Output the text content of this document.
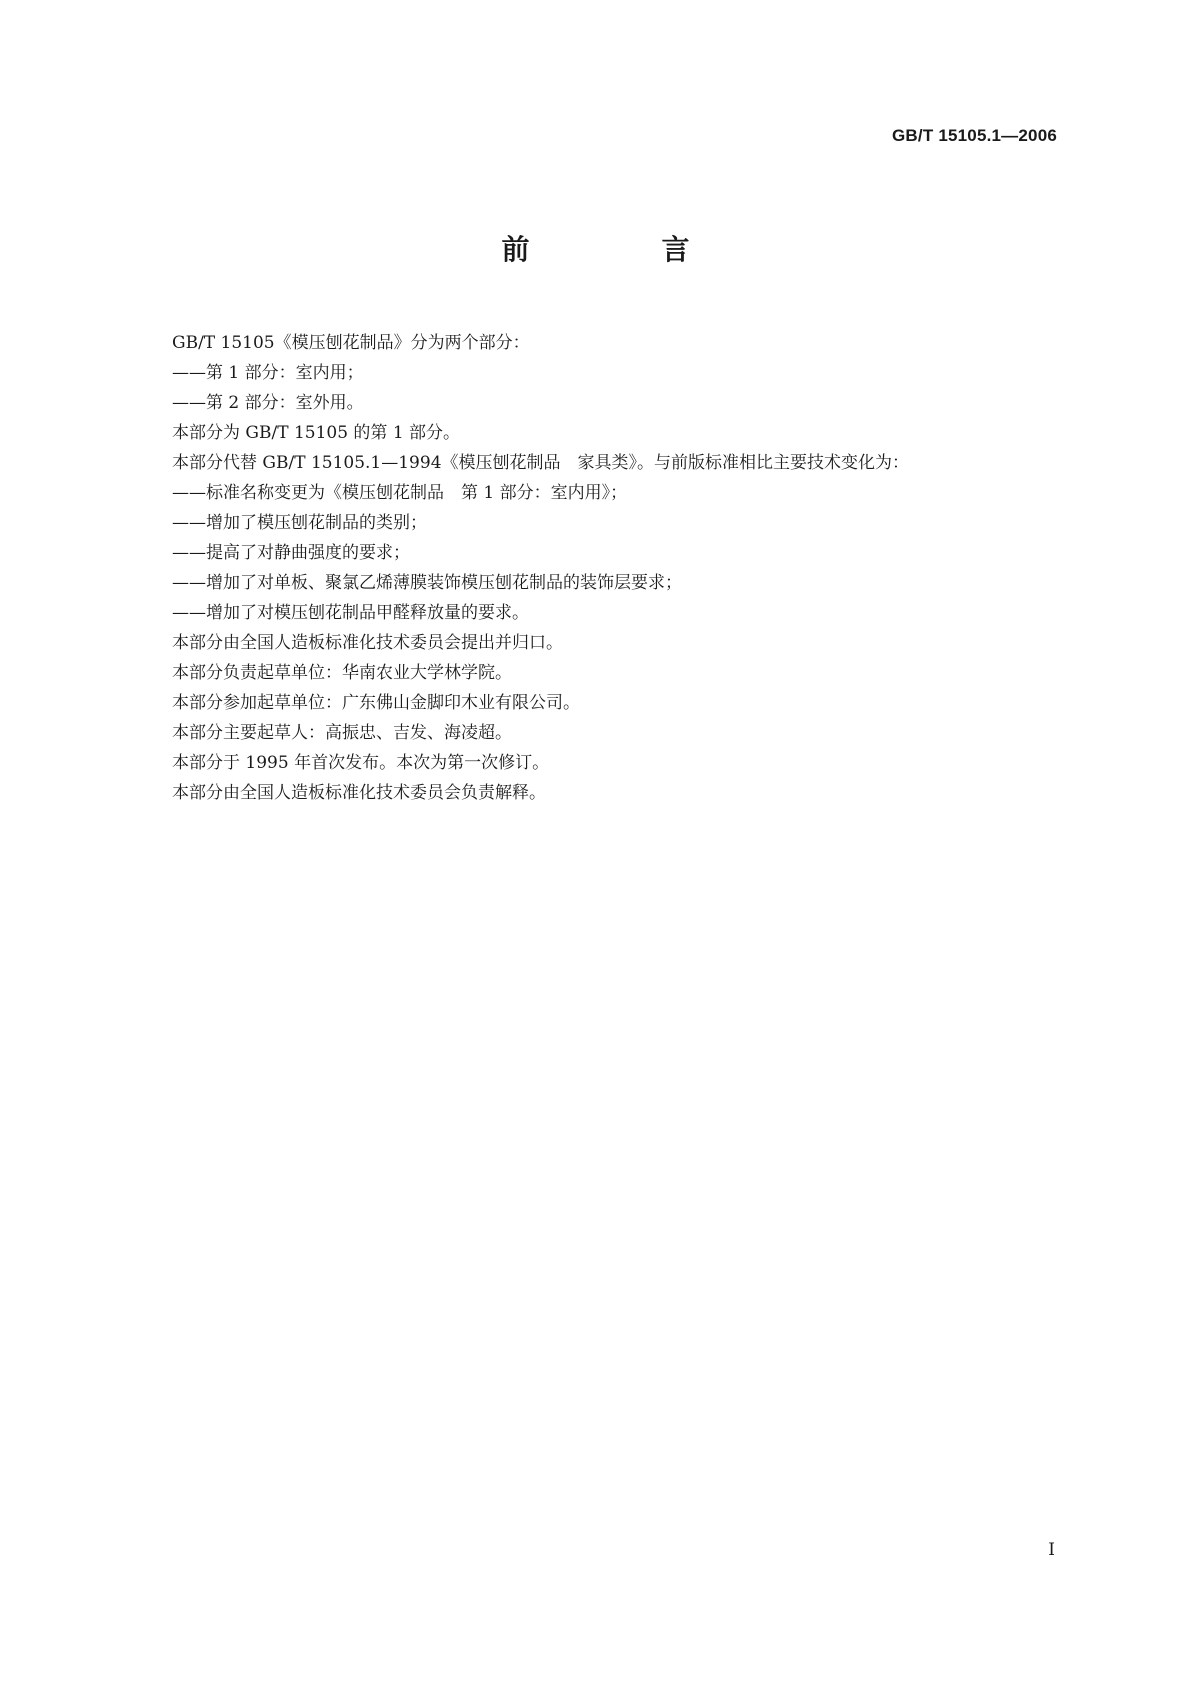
GB/T 15105.1—2006
前　言
GB/T 15105《模压刨花制品》分为两个部分：
——第 1 部分：室内用；
——第 2 部分：室外用。
本部分为 GB/T 15105 的第 1 部分。
本部分代替 GB/T 15105.1—1994《模压刨花制品　家具类》。与前版标准相比主要技术变化为：
——标准名称变更为《模压刨花制品　第 1 部分：室内用》；
——增加了模压刨花制品的类别；
——提高了对静曲强度的要求；
——增加了对单板、聚氯乙烯薄膜装饰模压刨花制品的装饰层要求；
——增加了对模压刨花制品甲醛释放量的要求。
本部分由全国人造板标准化技术委员会提出并归口。
本部分负责起草单位：华南农业大学林学院。
本部分参加起草单位：广东佛山金脚印木业有限公司。
本部分主要起草人：高振忠、吉发、海凌超。
本部分于 1995 年首次发布。本次为第一次修订。
本部分由全国人造板标准化技术委员会负责解释。
I
